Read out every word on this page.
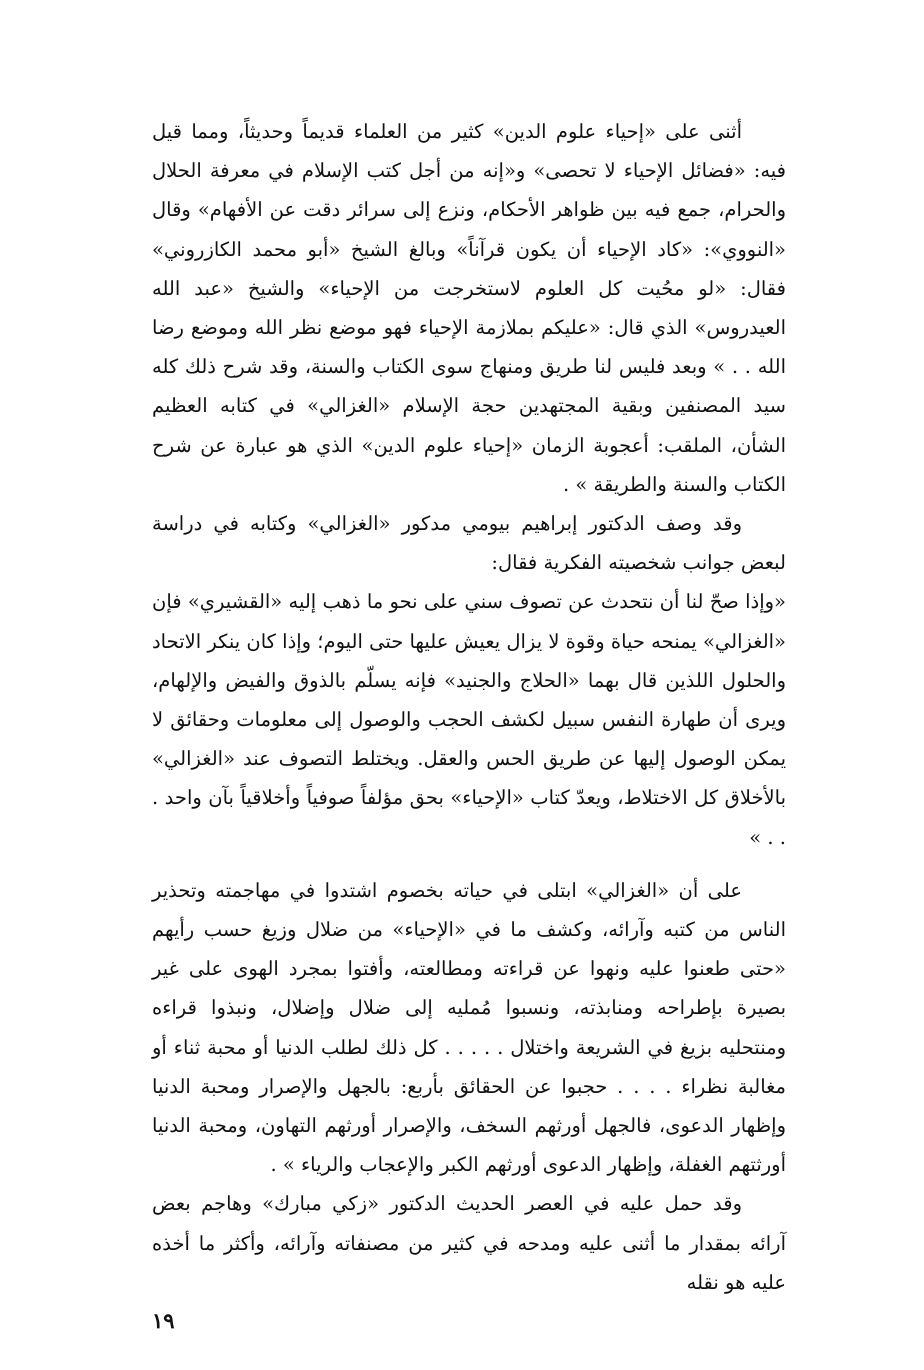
أثنى على «إحياء علوم الدين» كثير من العلماء قديماً وحديثاً، ومما قيل فيه: «فضائل الإحياء لا تحصى» و«إنه من أجل كتب الإسلام في معرفة الحلال والحرام، جمع فيه بين ظواهر الأحكام، ونزع إلى سرائر دقت عن الأفهام» وقال «النووي»: «كاد الإحياء أن يكون قرآناً» وبالغ الشيخ «أبو محمد الكازروني» فقال: «لو محُيت كل العلوم لاستخرجت من الإحياء» والشيخ «عبد الله العيدروس» الذي قال: «عليكم بملازمة الإحياء فهو موضع نظر الله وموضع رضا الله . . » وبعد فليس لنا طريق ومنهاج سوى الكتاب والسنة، وقد شرح ذلك كله سيد المصنفين وبقية المجتهدين حجة الإسلام «الغزالي» في كتابه العظيم الشأن، الملقب: أعجوبة الزمان «إحياء علوم الدين» الذي هو عبارة عن شرح الكتاب والسنة والطريقة » .

وقد وصف الدكتور إبراهيم بيومي مدكور «الغزالي» وكتابه في دراسة لبعض جوانب شخصيته الفكرية فقال:

«وإذا صحّ لنا أن نتحدث عن تصوف سني على نحو ما ذهب إليه «القشيري» فإن «الغزالي» يمنحه حياة وقوة لا يزال يعيش عليها حتى اليوم؛ وإذا كان ينكر الاتحاد والحلول اللذين قال بهما «الحلاج والجنيد» فإنه يسلّم بالذوق والفيض والإلهام، ويرى أن طهارة النفس سبيل لكشف الحجب والوصول إلى معلومات وحقائق لا يمكن الوصول إليها عن طريق الحس والعقل. ويختلط التصوف عند «الغزالي» بالأخلاق كل الاختلاط، ويعدّ كتاب «الإحياء» بحق مؤلفاً صوفياً وأخلاقياً بآن واحد . . . »

على أن «الغزالي» ابتلى في حياته بخصوم اشتدوا في مهاجمته وتحذير الناس من كتبه وآرائه، وكشف ما في «الإحياء» من ضلال وزيغ حسب رأيهم «حتى طعنوا عليه ونهوا عن قراءته ومطالعته، وأفتوا بمجرد الهوى على غير بصيرة بإطراحه ومنابذته، ونسبوا مُمليه إلى ضلال وإضلال، ونبذوا قراءه ومنتحليه بزيغ في الشريعة واختلال . . . . . كل ذلك لطلب الدنيا أو محبة ثناء أو مغالبة نظراء . . . . حجبوا عن الحقائق بأربع: بالجهل والإصرار ومحبة الدنيا وإظهار الدعوى، فالجهل أورثهم السخف، والإصرار أورثهم التهاون، ومحبة الدنيا أورثتهم الغفلة، وإظهار الدعوى أورثهم الكبر والإعجاب والرياء » .

وقد حمل عليه في العصر الحديث الدكتور «زكي مبارك» وهاجم بعض آرائه بمقدار ما أثنى عليه ومدحه في كثير من مصنفاته وآرائه، وأكثر ما أخذه عليه هو نقله

١٩
